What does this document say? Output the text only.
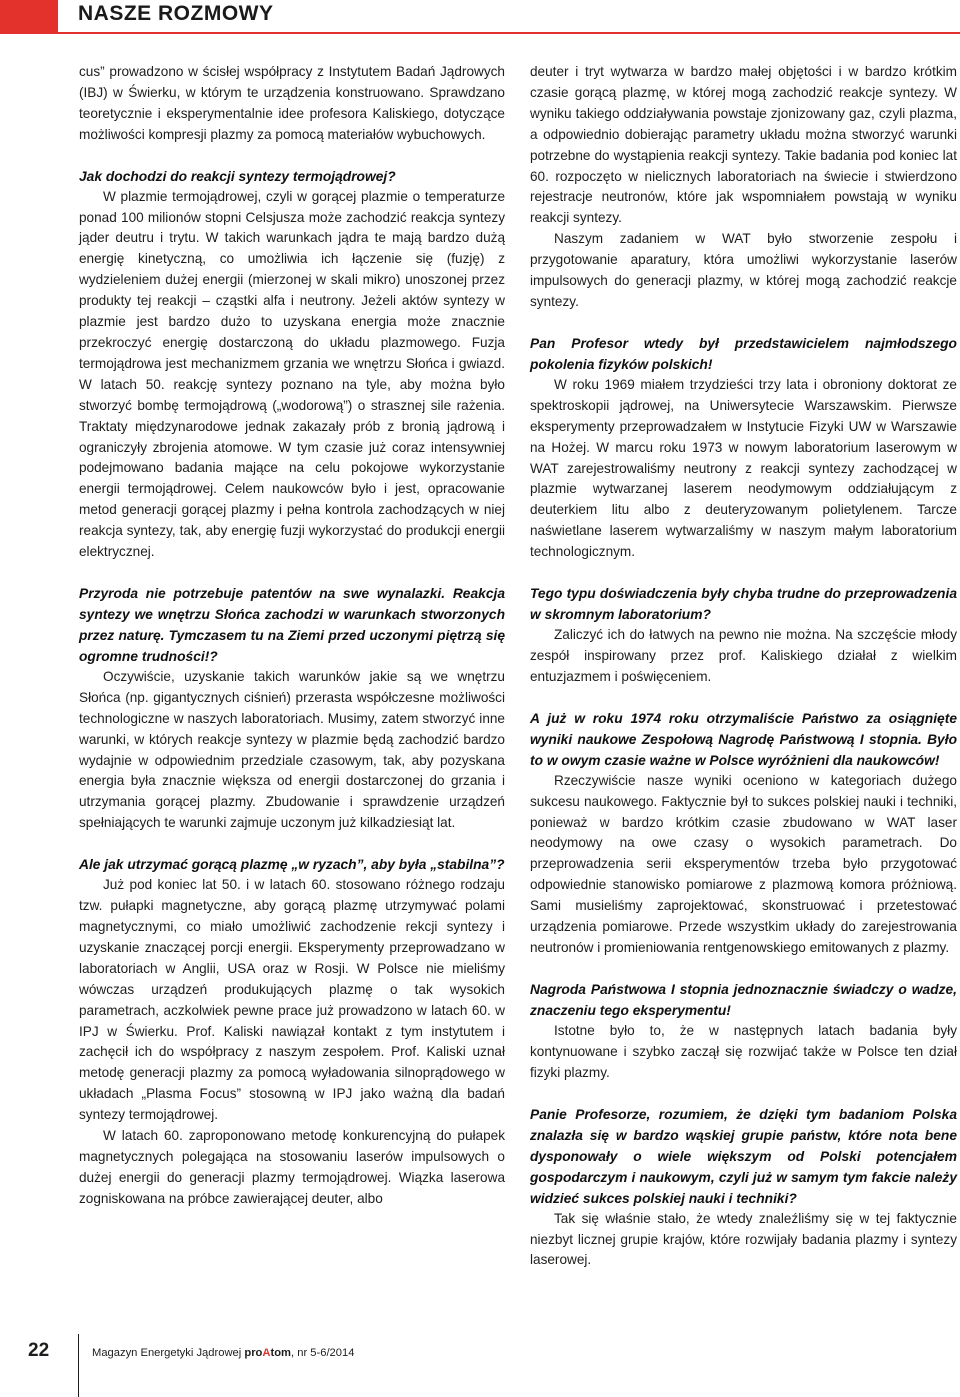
NASZE ROZMOWY

cus” prowadzono w ścisłej współpracy z Instytutem Badań Jądrowych (IBJ) w Świerku, w którym te urządzenia konstruowano. Sprawdzano teoretycznie i eksperymentalnie idee profesora Kaliskiego, dotyczące możliwości kompresji plazmy za pomocą materiałów wybuchowych.

Jak dochodzi do reakcji syntezy termojądrowej?

W plazmie termojądrowej, czyli w gorącej plazmie o temperaturze ponad 100 milionów stopni Celsjusza może zachodzić reakcja syntezy jąder deutru i trytu. W takich warunkach jądra te mają bardzo dużą energię kinetyczną, co umożliwia ich łączenie się (fuzję) z wydzieleniem dużej energii (mierzonej w skali mikro) unoszonej przez produkty tej reakcji – cząstki alfa i neutrony. Jeżeli aktów syntezy w plazmie jest bardzo dużo to uzyskana energia może znacznie przekroczyć energię dostarczoną do układu plazmowego. Fuzja termojądrowa jest mechanizmem grzania we wnętrzu Słońca i gwiazd. W latach 50. reakcję syntezy poznano na tyle, aby można było stworzyć bombę termojądrową („wodorową”) o strasznej sile rażenia. Traktaty międzynarodowe jednak zakazały prób z bronią jądrową i ograniczyły zbrojenia atomowe. W tym czasie już coraz intensywniej podejmowano badania mające na celu pokojowe wykorzystanie energii termojądrowej. Celem naukowców było i jest, opracowanie metod generacji gorącej plazmy i pełna kontrola zachodzących w niej reakcja syntezy, tak, aby energię fuzji wykorzystać do produkcji energii elektrycznej.

Przyroda nie potrzebuje patentów na swe wynalazki. Reakcja syntezy we wnętrzu Słońca zachodzi w warunkach stworzonych przez naturę. Tymczasem tu na Ziemi przed uczonymi piętrzą się ogromne trudności!?

Oczywiście, uzyskanie takich warunków jakie są we wnętrzu Słońca (np. gigantycznych ciśnień) przerasta współczesne możliwości technologiczne w naszych laboratoriach. Musimy, zatem stworzyć inne warunki, w których reakcje syntezy w plazmie będą zachodzić bardzo wydajnie w odpowiednim przedziale czasowym, tak, aby pozyskana energia była znacznie większa od energii dostarczonej do grzania i utrzymania gorącej plazmy. Zbudowanie i sprawdzenie urządzeń spełniających te warunki zajmuje uczonym już kilkadziesiąt lat.

Ale jak utrzymać gorącą plazmę „w ryzach”, aby była „stabilna”?

Już pod koniec lat 50. i w latach 60. stosowano różnego rodzaju tzw. pułapki magnetyczne, aby gorącą plazmę utrzymywać polami magnetycznymi, co miało umożliwić zachodzenie rekcji syntezy i uzyskanie znaczącej porcji energii. Eksperymenty przeprowadzano w laboratoriach w Anglii, USA oraz w Rosji. W Polsce nie mieliśmy wówczas urządzeń produkujących plazmę o tak wysokich parametrach, aczkolwiek pewne prace już prowadzono w latach 60. w IPJ w Świerku. Prof. Kaliski nawiązał kontakt z tym instytutem i zachęcił ich do współpracy z naszym zespołem. Prof. Kaliski uznał metodę generacji plazmy za pomocą wyładowania silnoprądowego w układach „Plasma Focus” stosowną w IPJ jako ważną dla badań syntezy termojądrowej.

W latach 60. zaproponowano metodę konkurencyjną do pułapek magnetycznych polegająca na stosowaniu laserów impulsowych o dużej energii do generacji plazmy termojądrowej. Wiązka laserowa zogniskowana na próbce zawierającej deuter, albo

deuter i tryt wytwarza w bardzo małej objętości i w bardzo krótkim czasie gorącą plazmę, w której mogą zachodzić reakcje syntezy. W wyniku takiego oddziaływania powstaje zjonizowany gaz, czyli plazma, a odpowiednio dobierając parametry układu można stworzyć warunki potrzebne do wystąpienia reakcji syntezy. Takie badania pod koniec lat 60. rozpoczęto w nielicznych laboratoriach na świecie i stwierdzono rejestracje neutronów, które jak wspomniałem powstają w wyniku reakcji syntezy.

Naszym zadaniem w WAT było stworzenie zespołu i przygotowanie aparatury, która umożliwi wykorzystanie laserów impulsowych do generacji plazmy, w której mogą zachodzić reakcje syntezy.

Pan Profesor wtedy był przedstawicielem najmłodszego pokolenia fizyków polskich!

W roku 1969 miałem trzydzieści trzy lata i obroniony doktorat ze spektroskopii jądrowej, na Uniwersytecie Warszawskim. Pierwsze eksperymenty przeprowadzałem w Instytucie Fizyki UW w Warszawie na Hożej. W marcu roku 1973 w nowym laboratorium laserowym w WAT zarejestrowaliśmy neutrony z reakcji syntezy zachodzącej w plazmie wytwarzanej laserem neodymowym oddziałującym z deuterkiem litu albo z deuteryzowanym polietylenem. Tarcze naświetlane laserem wytwarzaliśmy w naszym małym laboratorium technologicznym.

Tego typu doświadczenia były chyba trudne do przeprowadzenia w skromnym laboratorium?

Zaliczyć ich do łatwych na pewno nie można. Na szczęście młody zespół inspirowany przez prof. Kaliskiego działał z wielkim entuzjazmem i poświęceniem.

A już w roku 1974 roku otrzymaliście Państwo za osiągnięte wyniki naukowe Zespołową Nagrodę Państwową I stopnia. Było to w owym czasie ważne w Polsce wyróżnieni dla naukowców!

Rzeczywiście nasze wyniki oceniono w kategoriach dużego sukcesu naukowego. Faktycznie był to sukces polskiej nauki i techniki, ponieważ w bardzo krótkim czasie zbudowano w WAT laser neodymowy na owe czasy o wysokich parametrach. Do przeprowadzenia serii eksperymentów trzeba było przygotować odpowiednie stanowisko pomiarowe z plazmową komora próżniową. Sami musieliśmy zaprojektować, skonstruować i przetestować urządzenia pomiarowe. Przede wszystkim układy do zarejestrowania neutronów i promieniowania rentgenowskiego emitowanych z plazmy.

Nagroda Państwowa I stopnia jednoznacznie świadczy o wadze, znaczeniu tego eksperymentu!

Istotne było to, że w następnych latach badania były kontynuowane i szybko zaczął się rozwijać także w Polsce ten dział fizyki plazmy.

Panie Profesorze, rozumiem, że dzięki tym badaniom Polska znalazła się w bardzo wąskiej grupie państw, które nota bene dysponowały o wiele większym od Polski potencjałem gospodarczym i naukowym, czyli już w samym tym fakcie należy widzieć sukces polskiej nauki i techniki?

Tak się właśnie stało, że wtedy znaleźliśmy się w tej faktycznie niezbyt licznej grupie krajów, które rozwijały badania plazmy i syntezy laserowej.

22	Magazyn Energetyki Jądrowej proAtom, nr 5-6/2014
